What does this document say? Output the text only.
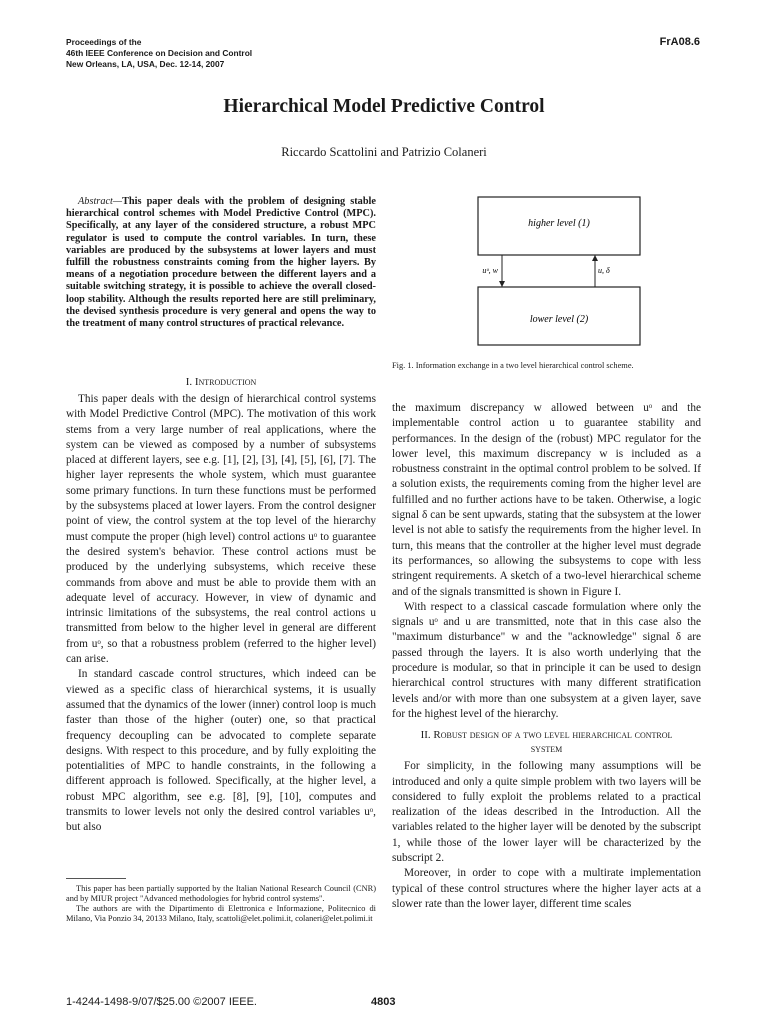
Proceedings of the
46th IEEE Conference on Decision and Control
New Orleans, LA, USA, Dec. 12-14, 2007
FrA08.6
Hierarchical Model Predictive Control
Riccardo Scattolini and Patrizio Colaneri

Abstract—This paper deals with the problem of designing stable hierarchical control schemes with Model Predictive Control (MPC). Specifically, at any layer of the considered structure, a robust MPC regulator is used to compute the control variables. In turn, these variables are produced by the subsystems at lower layers and must fulfill the robustness constraints coming from the higher layers. By means of a negotiation procedure between the different layers and a suitable switching strategy, it is possible to achieve the overall closed-loop stability. Although the results reported here are still preliminary, the devised synthesis procedure is very general and opens the way to the treatment of many control structures of practical relevance.

I. Introduction

This paper deals with the design of hierarchical control systems with Model Predictive Control (MPC). The motivation of this work stems from a very large number of real applications, where the system can be viewed as composed by a number of subsystems placed at different layers, see e.g. [1], [2], [3], [4], [5], [6], [7]. The higher layer represents the whole system, which must guarantee some primary functions. In turn these functions must be performed by the subsystems placed at lower layers. From the control designer point of view, the control system at the top level of the hierarchy must compute the proper (high level) control actions uᵒ to guarantee the desired system's behavior. These control actions must be produced by the underlying subsystems, which receive these commands from above and must be able to provide them with an adequate level of accuracy. However, in view of dynamic and intrinsic limitations of the subsystems, the real control actions u transmitted from below to the higher level in general are different from uᵒ, so that a robustness problem (referred to the higher level) can arise.

In standard cascade control structures, which indeed can be viewed as a specific class of hierarchical systems, it is usually assumed that the dynamics of the lower (inner) control loop is much faster than those of the higher (outer) one, so that practical frequency decoupling can be advocated to complete separate designs. With respect to this procedure, and by fully exploiting the potentialities of MPC to handle constraints, in the following a different approach is followed. Specifically, at the higher level, a robust MPC algorithm, see e.g. [8], [9], [10], computes and transmits to lower levels not only the desired control variables uᵒ, but also

This paper has been partially supported by the Italian National Research Council (CNR) and by MIUR project "Advanced methodologies for hybrid control systems".

The authors are with the Dipartimento di Elettronica e Informazione, Politecnico di Milano, Via Ponzio 34, 20133 Milano, Italy, scattoli@elet.polimi.it, colaneri@elet.polimi.it

higher level (1)
lower level (2)
uᵒ, w	u, δ
Fig. 1. Information exchange in a two level hierarchical control scheme.

the maximum discrepancy w allowed between uᵒ and the implementable control action u to guarantee stability and performances. In the design of the (robust) MPC regulator for the lower level, this maximum discrepancy w is included as a robustness constraint in the optimal control problem to be solved. If a solution exists, the requirements coming from the higher level are fulfilled and no further actions have to be taken. Otherwise, a logic signal δ can be sent upwards, stating that the subsystem at the lower level is not able to satisfy the requirements from the higher level. In turn, this means that the controller at the higher level must degrade its performances, so allowing the subsystems to cope with less stringent requirements. A sketch of a two-level hierarchical scheme and of the signals transmitted is shown in Figure I.

With respect to a classical cascade formulation where only the signals uᵒ and u are transmitted, note that in this case also the "maximum disturbance" w and the "acknowledge" signal δ are passed through the layers. It is also worth underlying that the procedure is modular, so that in principle it can be used to design hierarchical control structures with many different stratification levels and/or with more than one subsystem at a given layer, save for the highest level of the hierarchy.

II. Robust design of a two level hierarchical control system

For simplicity, in the following many assumptions will be introduced and only a quite simple problem with two layers will be considered to fully exploit the problems related to a practical realization of the ideas described in the Introduction. All the variables related to the higher layer will be denoted by the subscript 1, while those of the lower layer will be characterized by the subscript 2.

Moreover, in order to cope with a multirate implementation typical of these control structures where the higher layer acts at a slower rate than the lower layer, different time scales

1-4244-1498-9/07/$25.00 ©2007 IEEE.	4803
